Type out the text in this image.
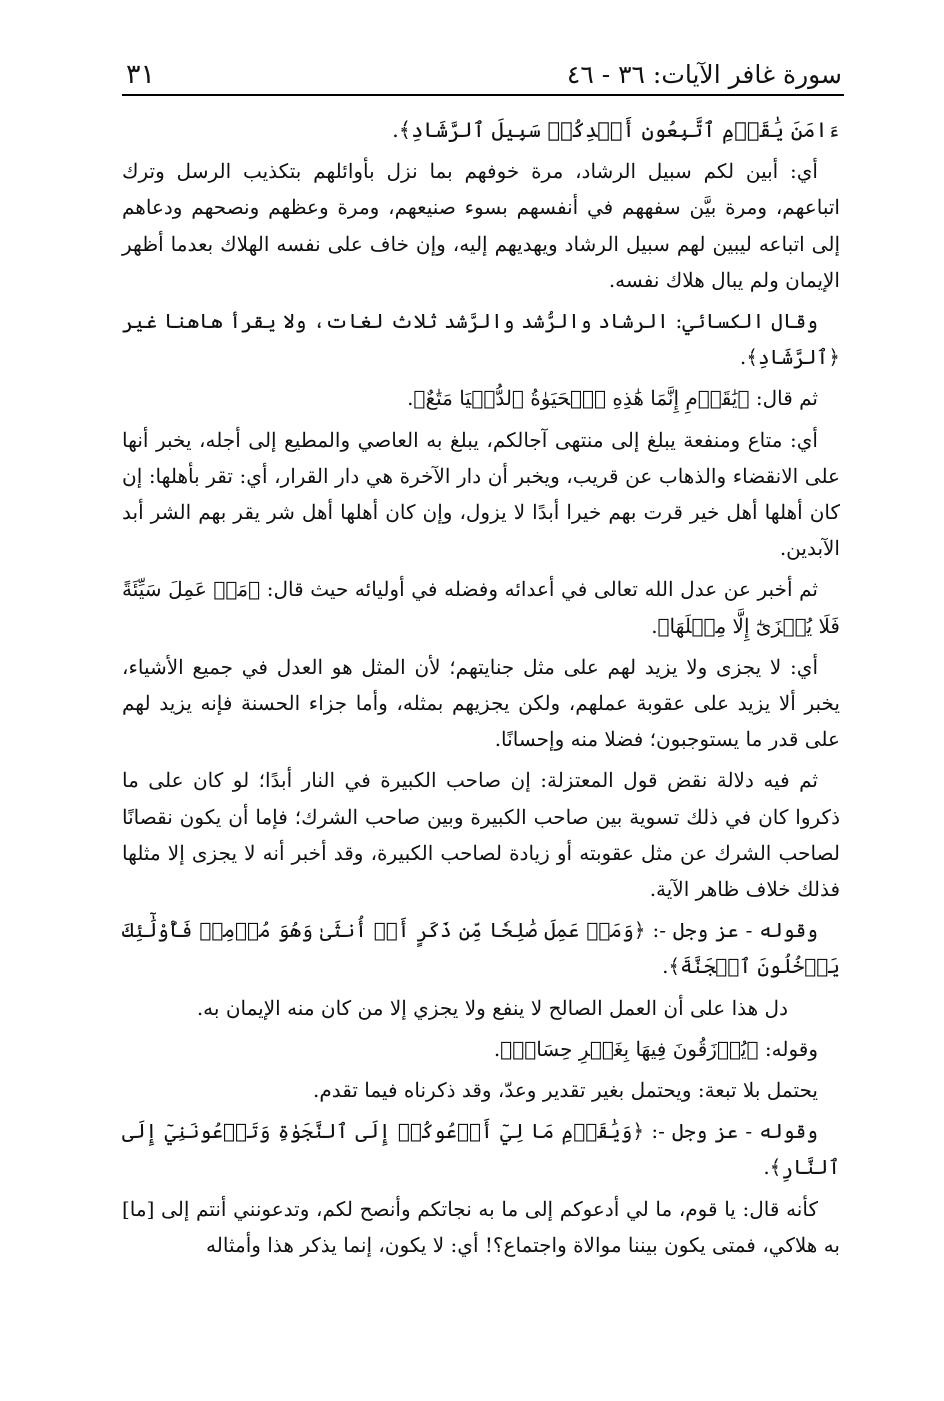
سورة غافر الآيات: ٣٦ - ٤٦
٣١

ءَامَنَ يَٰقَوۡمِ ٱتَّبِعُونِ أَهۡدِكُمۡ سَبِيلَ ٱلرَّشَادِ﴾.

أي: أبين لكم سبيل الرشاد، مرة خوفهم بما نزل بأوائلهم بتكذيب الرسل وترك اتباعهم، ومرة بيَّن سفههم في أنفسهم بسوء صنيعهم، ومرة وعظهم ونصحهم ودعاهم إلى اتباعه ليبين لهم سبيل الرشاد ويهديهم إليه، وإن خاف على نفسه الهلاك بعدما أظهر الإيمان ولم يبال هلاك نفسه.

وقال الكسائي: الرشاد والرُّشد والرَّشد ثلاث لغات، ولا يقرأ هاهنا غير ﴿ٱلرَّشَادِ﴾.

ثم قال: ﴿يَٰقَوۡمِ إِنَّمَا هَٰذِهِ ٱلۡحَيَوٰةُ ٱلدُّنۡيَا مَتَٰعٌ﴾.

أي: متاع ومنفعة يبلغ إلى منتهى آجالكم، يبلغ به العاصي والمطيع إلى أجله، يخبر أنها على الانقضاء والذهاب عن قريب، ويخبر أن دار الآخرة هي دار القرار، أي: تقر بأهلها: إن كان أهلها أهل خير قرت بهم خيرا أبدًا لا يزول، وإن كان أهلها أهل شر يقر بهم الشر أبد الآبدين.

ثم أخبر عن عدل الله تعالى في أعدائه وفضله في أوليائه حيث قال: ﴿مَنۡ عَمِلَ سَيِّئَةً فَلَا يُجۡزَىٰٓ إِلَّا مِثۡلَهَا﴾.

أي: لا يجزى ولا يزيد لهم على مثل جنايتهم؛ لأن المثل هو العدل في جميع الأشياء، يخبر ألا يزيد على عقوبة عملهم، ولكن يجزيهم بمثله، وأما جزاء الحسنة فإنه يزيد لهم على قدر ما يستوجبون؛ فضلا منه وإحسانًا.

ثم فيه دلالة نقض قول المعتزلة: إن صاحب الكبيرة في النار أبدًا؛ لو كان على ما ذكروا كان في ذلك تسوية بين صاحب الكبيرة وبين صاحب الشرك؛ فإما أن يكون نقصانًا لصاحب الشرك عن مثل عقوبته أو زيادة لصاحب الكبيرة، وقد أخبر أنه لا يجزى إلا مثلها فذلك خلاف ظاهر الآية.

وقوله - عز وجل -: ﴿وَمَنۡ عَمِلَ صَٰلِحٗا مِّن ذَكَرٍ أَوۡ أُنثَىٰ وَهُوَ مُؤۡمِنٞ فَأُوْلَٰٓئِكَ يَدۡخُلُونَ ٱلۡجَنَّةَ﴾.

دل هذا على أن العمل الصالح لا ينفع ولا يجزي إلا من كان منه الإيمان به.

وقوله: ﴿يُرۡزَقُونَ فِيهَا بِغَيۡرِ حِسَابٖ﴾.

يحتمل بلا تبعة: ويحتمل بغير تقدير وعدّ، وقد ذكرناه فيما تقدم.

وقوله - عز وجل -: ﴿وَيَٰقَوۡمِ مَا لِيٓ أَدۡعُوكُمۡ إِلَى ٱلنَّجَوٰةِ وَتَدۡعُونَنِيٓ إِلَى ٱلنَّارِ﴾.

كأنه قال: يا قوم، ما لي أدعوكم إلى ما به نجاتكم وأنصح لكم، وتدعونني أنتم إلى [ما] به هلاكي، فمتى يكون بيننا موالاة واجتماع؟! أي: لا يكون، إنما يذكر هذا وأمثاله
